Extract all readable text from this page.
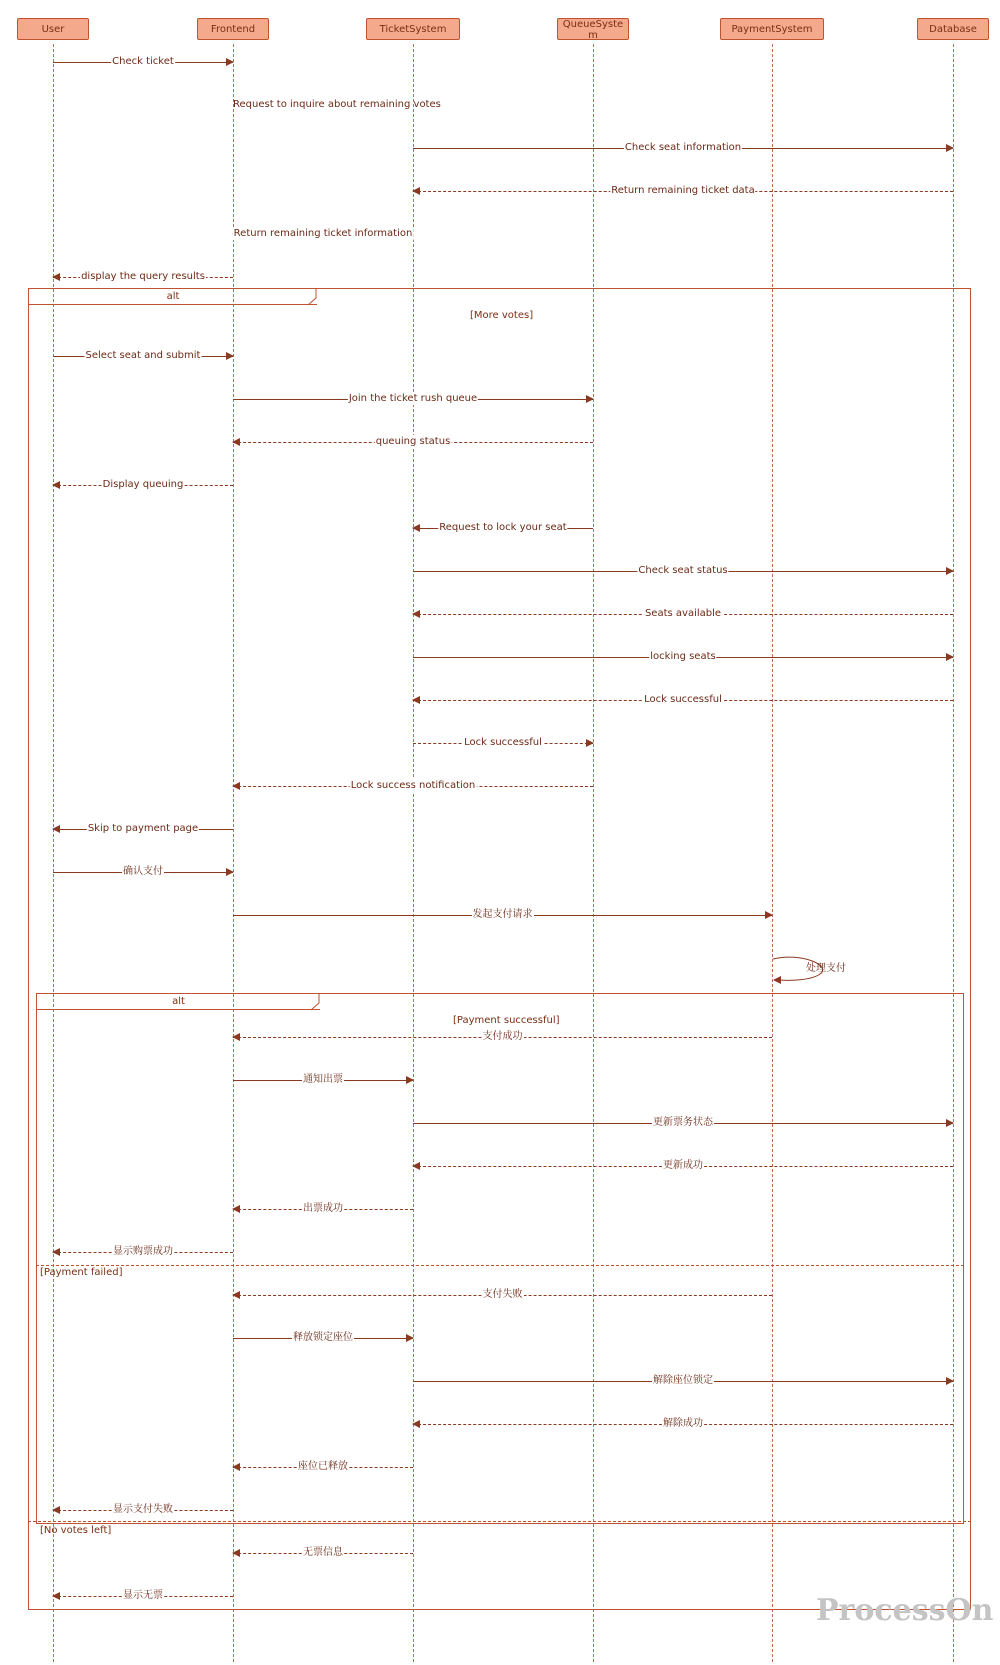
User	Frontend	TicketSystem	QueueSyste
m
PaymentSystem	Database
alt
[More votes]
[No votes left]
alt
[Payment successful]
[Payment failed]
Check ticket
Check seat information
Return remaining ticket data
Return remaining ticket information
display the query results
Select seat and submit
Join the ticket rush queue
queuing status
Display queuing
Request to lock your seat
Check seat status
Seats available
locking seats
Lock successful
Lock successful
Lock success notification
Skip to payment page
确认支付
发起支付请求
支付成功
通知出票
更新票务状态
更新成功
出票成功
显示购票成功
支付失败
释放锁定座位
解除座位锁定
解除成功
座位已释放
显示支付失败
无票信息
显示无票
处理支付
Request to inquire about remaining votes
ProcessOn
